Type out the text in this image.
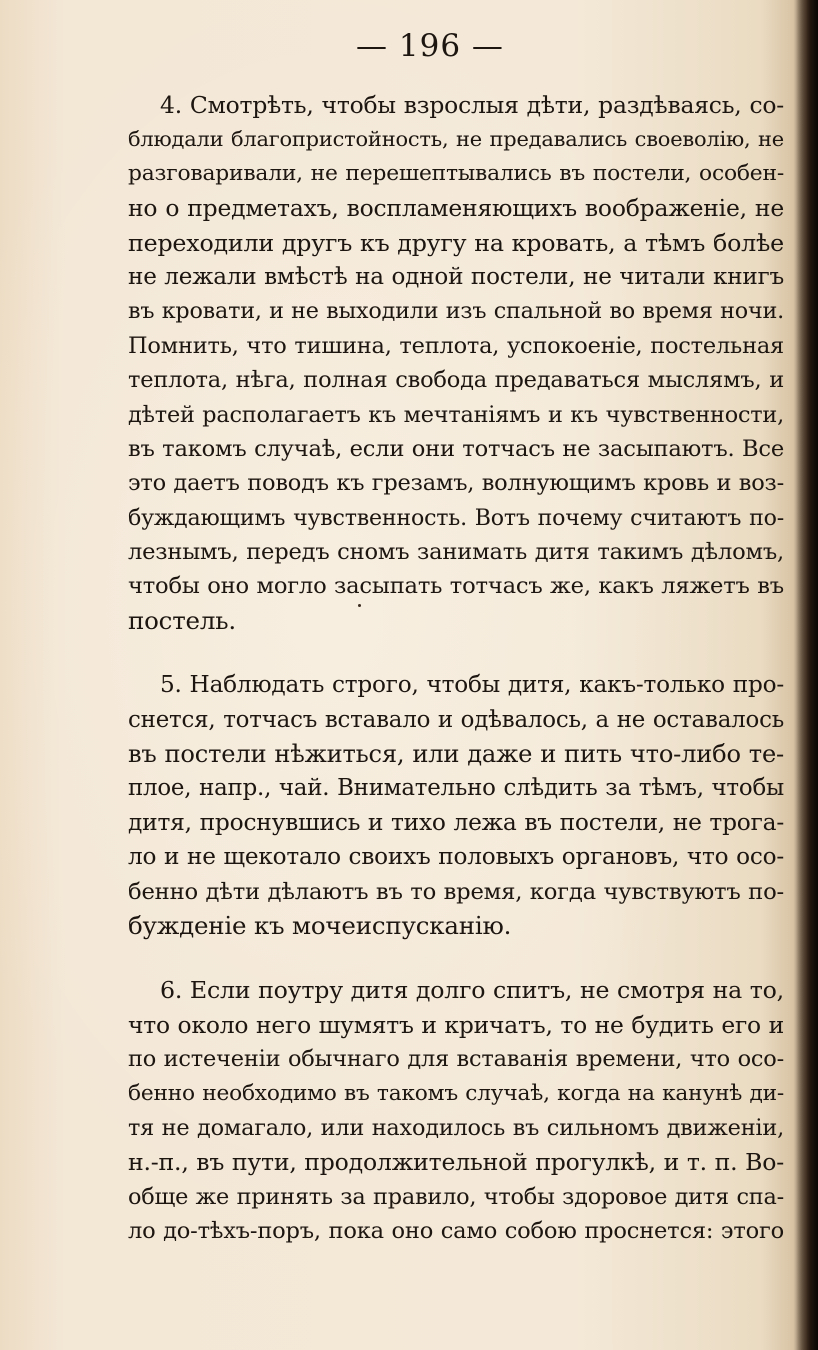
— 196 —
4. Смотрѣть, чтобы взрослыя дѣти, раздѣваясь, со-
блюдали благопристойность, не предавались своеволію, не
разговаривали, не перешептывались въ постели, особен-
но о предметахъ, воспламеняющихъ воображеніе, не
переходили другъ къ другу на кровать, а тѣмъ болѣе
не лежали вмѣстѣ на одной постели, не читали книгъ
въ кровати, и не выходили изъ спальной во время ночи.
Помнить, что тишина, теплота, успокоеніе, постельная
теплота, нѣга, полная свобода предаваться мыслямъ, и
дѣтей располагаетъ къ мечтаніямъ и къ чувственности,
въ такомъ случаѣ, если они тотчасъ не засыпаютъ. Все
это даетъ поводъ къ грезамъ, волнующимъ кровь и воз-
буждающимъ чувственность. Вотъ почему считаютъ по-
лезнымъ, передъ сномъ занимать дитя такимъ дѣломъ,
чтобы оно могло засыпать тотчасъ же, какъ ляжетъ въ
постель.
5. Наблюдать строго, чтобы дитя, какъ-только про-
снется, тотчасъ вставало и одѣвалось, а не оставалось
въ постели нѣжиться, или даже и пить что-либо те-
плое, напр., чай. Внимательно слѣдить за тѣмъ, чтобы
дитя, проснувшись и тихо лежа въ постели, не трога-
ло и не щекотало своихъ половыхъ органовъ, что осо-
бенно дѣти дѣлаютъ въ то время, когда чувствуютъ по-
бужденіе къ мочеиспусканію.
6. Если поутру дитя долго спитъ, не смотря на то,
что около него шумятъ и кричатъ, то не будить его и
по истеченіи обычнаго для вставанія времени, что осо-
бенно необходимо въ такомъ случаѣ, когда на канунѣ ди-
тя не домагало, или находилось въ сильномъ движеніи,
н.-п., въ пути, продолжительной прогулкѣ, и т. п. Во-
обще же принять за правило, чтобы здоровое дитя спа-
ло до-тѣхъ-поръ, пока оно само собою проснется: этого
